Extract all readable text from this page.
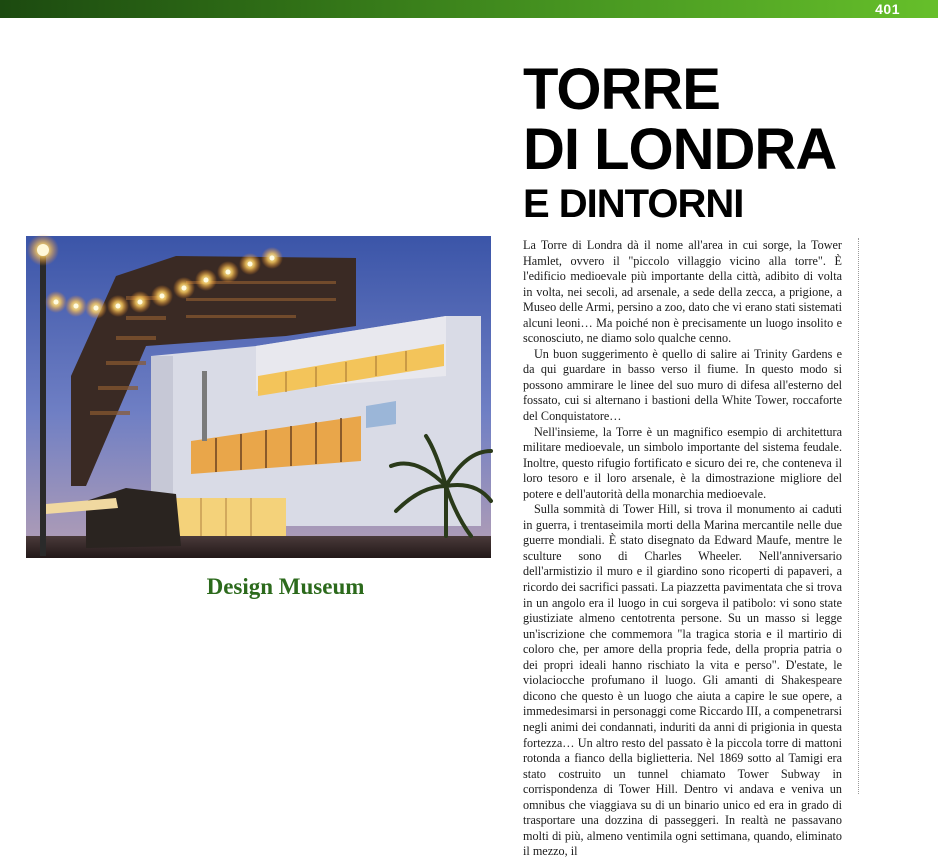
401
Design Museum
TORRE
DI LONDRA
E DINTORNI

La Torre di Londra dà il nome all'area in cui sorge, la Tower Hamlet, ovvero il "piccolo villaggio vicino alla torre". È l'edificio medioevale più importante della città, adibito di volta in volta, nei secoli, ad arsenale, a sede della zecca, a prigione, a Museo delle Armi, persino a zoo, dato che vi erano stati sistemati alcuni leoni… Ma poiché non è precisamente un luogo insolito e sconosciuto, ne diamo solo qualche cenno.

Un buon suggerimento è quello di salire ai Trinity Gardens e da qui guardare in basso verso il fiume. In questo modo si possono ammirare le linee del suo muro di difesa all'esterno del fossato, cui si alternano i bastioni della White Tower, roccaforte del Conquistatore…

Nell'insieme, la Torre è un magnifico esempio di architettura militare medioevale, un simbolo importante del sistema feudale. Inoltre, questo rifugio fortificato e sicuro dei re, che conteneva il loro tesoro e il loro arsenale, è la dimostrazione migliore del potere e dell'autorità della monarchia medioevale.

Sulla sommità di Tower Hill, si trova il monumento ai caduti in guerra, i trentaseimila morti della Marina mercantile nelle due guerre mondiali. È stato disegnato da Edward Maufe, mentre le sculture sono di Charles Wheeler. Nell'anniversario dell'armistizio il muro e il giardino sono ricoperti di papaveri, a ricordo dei sacrifici passati. La piazzetta pavimentata che si trova in un angolo era il luogo in cui sorgeva il patibolo: vi sono state giustiziate almeno centotrenta persone. Su un masso si legge un'iscrizione che commemora "la tragica storia e il martirio di coloro che, per amore della propria fede, della propria patria o dei propri ideali hanno rischiato la vita e perso". D'estate, le violaciocche profumano il luogo. Gli amanti di Shakespeare dicono che questo è un luogo che aiuta a capire le sue opere, a immedesimarsi in personaggi come Riccardo III, a compenetrarsi negli animi dei condannati, induriti da anni di prigionia in questa fortezza… Un altro resto del passato è la piccola torre di mattoni rotonda a fianco della biglietteria. Nel 1869 sotto al Tamigi era stato costruito un tunnel chiamato Tower Subway in corrispondenza di Tower Hill. Dentro vi andava e veniva un omnibus che viaggiava su di un binario unico ed era in grado di trasportare una dozzina di passeggeri. In realtà ne passavano molti di più, almeno ventimila ogni settimana, quando, eliminato il mezzo, il
